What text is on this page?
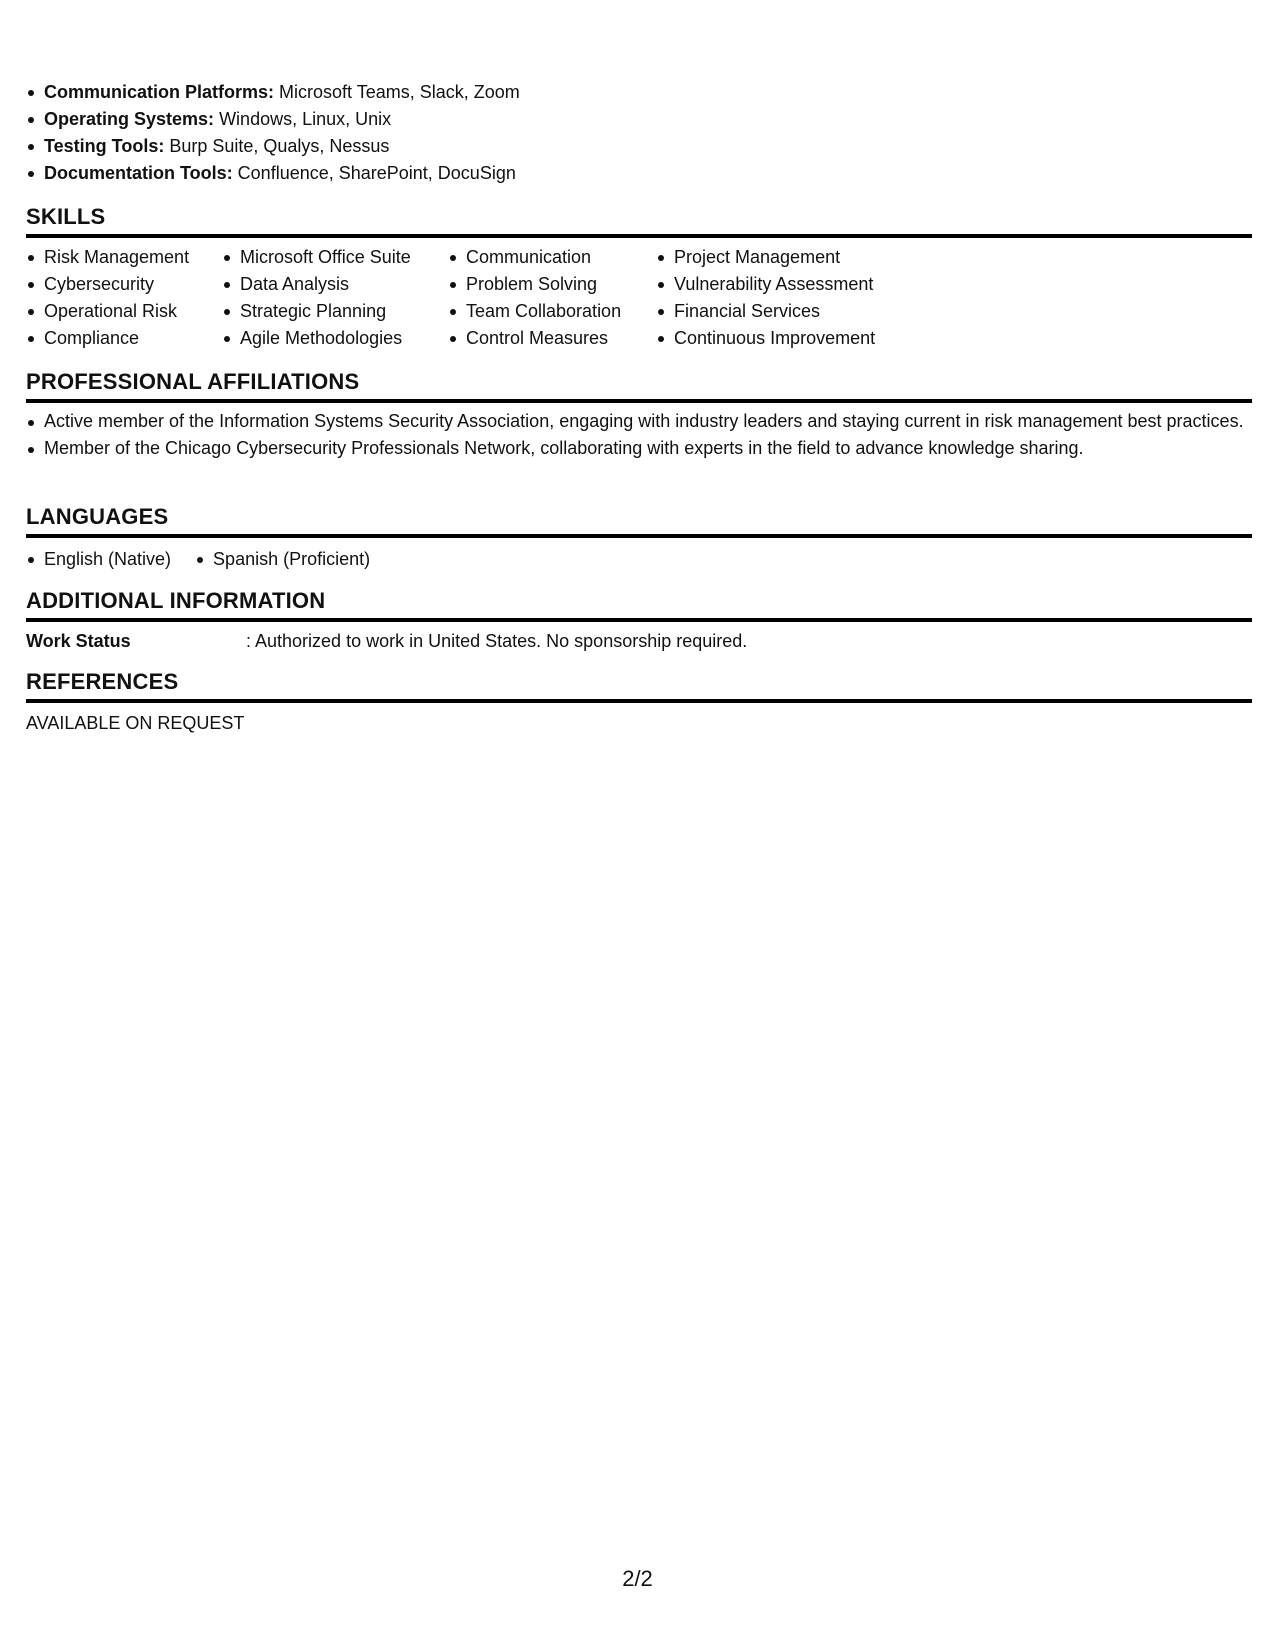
Communication Platforms: Microsoft Teams, Slack, Zoom
Operating Systems: Windows, Linux, Unix
Testing Tools: Burp Suite, Qualys, Nessus
Documentation Tools: Confluence, SharePoint, DocuSign
SKILLS
Risk Management
Cybersecurity
Operational Risk
Compliance
Microsoft Office Suite
Data Analysis
Strategic Planning
Agile Methodologies
Communication
Problem Solving
Team Collaboration
Control Measures
Project Management
Vulnerability Assessment
Financial Services
Continuous Improvement
PROFESSIONAL AFFILIATIONS
Active member of the Information Systems Security Association, engaging with industry leaders and staying current in risk management best practices.
Member of the Chicago Cybersecurity Professionals Network, collaborating with experts in the field to advance knowledge sharing.
LANGUAGES
English (Native)	Spanish (Proficient)
ADDITIONAL INFORMATION
Work Status	: Authorized to work in United States. No sponsorship required.
REFERENCES
AVAILABLE ON REQUEST
2/2
